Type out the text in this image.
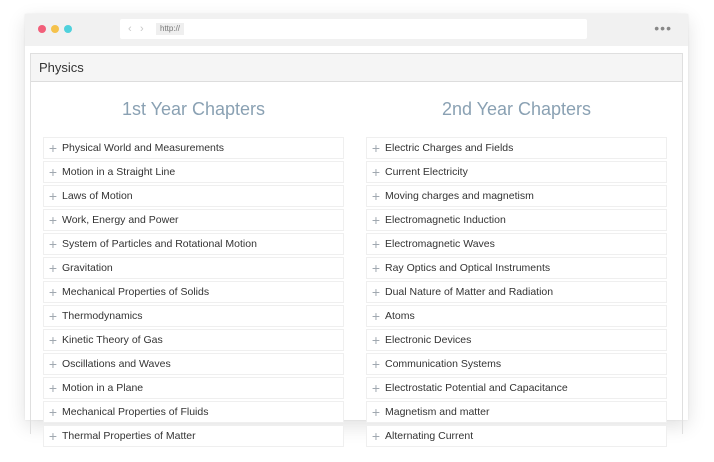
‹ ›	http://	•••
Physics
1st Year Chapters
+ Physical World and Measurements
+ Motion in a Straight Line
+ Laws of Motion
+ Work, Energy and Power
+ System of Particles and Rotational Motion
+ Gravitation
+ Mechanical Properties of Solids
+ Thermodynamics
+ Kinetic Theory of Gas
+ Oscillations and Waves
+ Motion in a Plane
+ Mechanical Properties of Fluids
+ Thermal Properties of Matter
2nd Year Chapters
+ Electric Charges and Fields
+ Current Electricity
+ Moving charges and magnetism
+ Electromagnetic Induction
+ Electromagnetic Waves
+ Ray Optics and Optical Instruments
+ Dual Nature of Matter and Radiation
+ Atoms
+ Electronic Devices
+ Communication Systems
+ Electrostatic Potential and Capacitance
+ Magnetism and matter
+ Alternating Current
